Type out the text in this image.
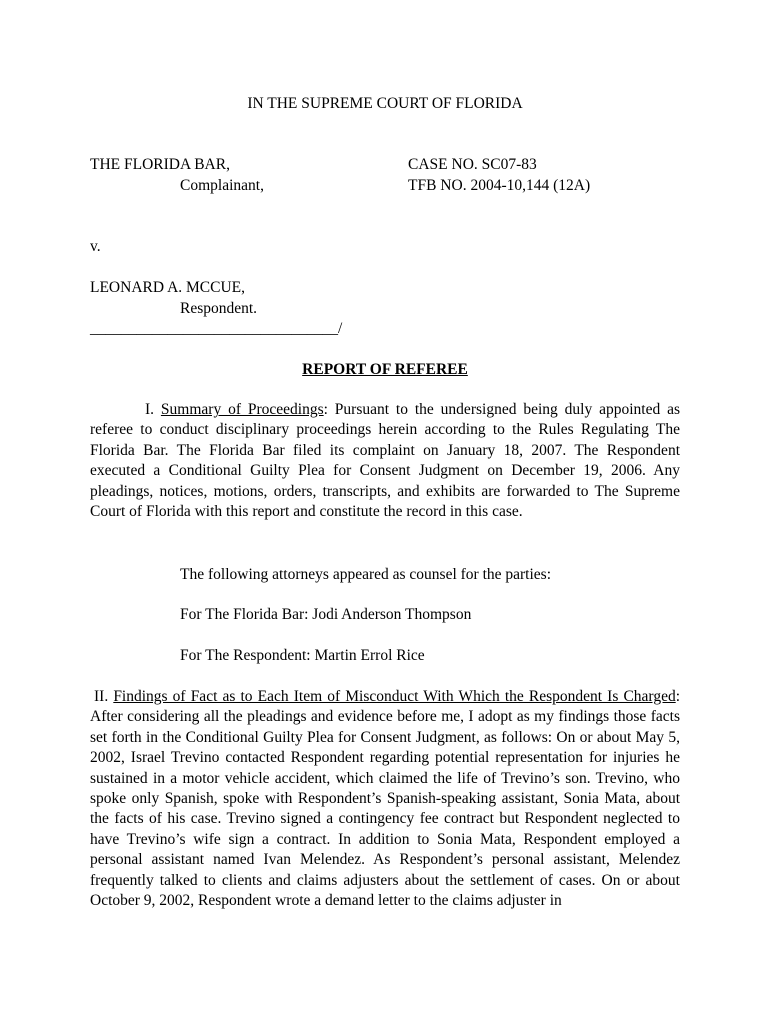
IN THE SUPREME COURT OF FLORIDA
THE FLORIDA BAR,
Complainant,
CASE NO. SC07-83
TFB NO. 2004-10,144 (12A)
v.
LEONARD A. MCCUE,
Respondent.
________________________________/
REPORT OF REFEREE
I. Summary of Proceedings: Pursuant to the undersigned being duly appointed as referee to conduct disciplinary proceedings herein according to the Rules Regulating The Florida Bar. The Florida Bar filed its complaint on January 18, 2007. The Respondent executed a Conditional Guilty Plea for Consent Judgment on December 19, 2006. Any pleadings, notices, motions, orders, transcripts, and exhibits are forwarded to The Supreme Court of Florida with this report and constitute the record in this case.
The following attorneys appeared as counsel for the parties:
For The Florida Bar: Jodi Anderson Thompson
For The Respondent: Martin Errol Rice
II. Findings of Fact as to Each Item of Misconduct With Which the Respondent Is Charged: After considering all the pleadings and evidence before me, I adopt as my findings those facts set forth in the Conditional Guilty Plea for Consent Judgment, as follows: On or about May 5, 2002, Israel Trevino contacted Respondent regarding potential representation for injuries he sustained in a motor vehicle accident, which claimed the life of Trevino’s son. Trevino, who spoke only Spanish, spoke with Respondent’s Spanish-speaking assistant, Sonia Mata, about the facts of his case. Trevino signed a contingency fee contract but Respondent neglected to have Trevino’s wife sign a contract. In addition to Sonia Mata, Respondent employed a personal assistant named Ivan Melendez. As Respondent’s personal assistant, Melendez frequently talked to clients and claims adjusters about the settlement of cases. On or about October 9, 2002, Respondent wrote a demand letter to the claims adjuster in
